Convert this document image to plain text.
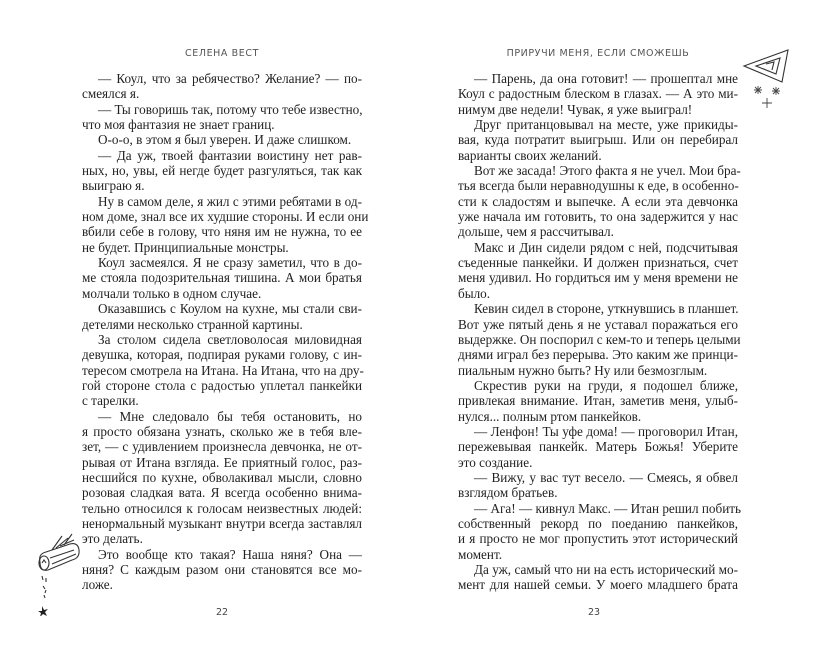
СЕЛЕНА ВЕСТ
— Коул, что за ребячество? Желание? — по-
смеялся я.
— Ты говоришь так, потому что тебе известно,
что моя фантазия не знает границ.
О-о-о, в этом я был уверен. И даже слишком.
— Да уж, твоей фантазии воистину нет рав-
ных, но, увы, ей негде будет разгуляться, так как
выиграю я.
Ну в самом деле, я жил с этими ребятами в од-
ном доме, знал все их худшие стороны. И если они
вбили себе в голову, что няня им не нужна, то ее
не будет. Принципиальные монстры.
Коул засмеялся. Я не сразу заметил, что в до-
ме стояла подозрительная тишина. А мои братья
молчали только в одном случае.
Оказавшись с Коулом на кухне, мы стали сви-
детелями несколько странной картины.
За столом сидела светловолосая миловидная
девушка, которая, подпирая руками голову, с ин-
тересом смотрела на Итана. На Итана, что на дру-
гой стороне стола с радостью уплетал панкейки
с тарелки.
— Мне следовало бы тебя остановить, но
я просто обязана узнать, сколько же в тебя вле-
зет, — с удивлением произнесла девчонка, не от-
рывая от Итана взгляда. Ее приятный голос, раз-
несшийся по кухне, обволакивал мысли, словно
розовая сладкая вата. Я всегда особенно внима-
тельно относился к голосам неизвестных людей:
ненормальный музыкант внутри всегда заставлял
это делать.
Это вообще кто такая? Наша няня? Она —
няня? С каждым разом они становятся все мо-
ложе.
22
ПРИРУЧИ МЕНЯ, ЕСЛИ СМОЖЕШЬ
— Парень, да она готовит! — прошептал мне
Коул с радостным блеском в глазах. — А это ми-
нимум две недели! Чувак, я уже выиграл!
Друг пританцовывал на месте, уже прикиды-
вая, куда потратит выигрыш. Или он перебирал
варианты своих желаний.
Вот же засада! Этого факта я не учел. Мои бра-
тья всегда были неравнодушны к еде, в особенно-
сти к сладостям и выпечке. А если эта девчонка
уже начала им готовить, то она задержится у нас
дольше, чем я рассчитывал.
Макс и Дин сидели рядом с ней, подсчитывая
съеденные панкейки. И должен признаться, счет
меня удивил. Но гордиться им у меня времени не
было.
Кевин сидел в стороне, уткнувшись в планшет.
Вот уже пятый день я не уставал поражаться его
выдержке. Он поспорил с кем-то и теперь целыми
днями играл без перерыва. Это каким же принци-
пиальным нужно быть? Ну или безмозглым.
Скрестив руки на груди, я подошел ближе,
привлекая внимание. Итан, заметив меня, улыб-
нулся... полным ртом панкейков.
— Ленфон! Ты уфе дома! — проговорил Итан,
пережевывая панкейк. Матерь Божья! Уберите
это создание.
— Вижу, у вас тут весело. — Смеясь, я обвел
взглядом братьев.
— Ага! — кивнул Макс. — Итан решил побить
собственный рекорд по поеданию панкейков,
и я просто не мог пропустить этот исторический
момент.
Да уж, самый что ни на есть исторический мо-
мент для нашей семьи. У моего младшего брата
23
